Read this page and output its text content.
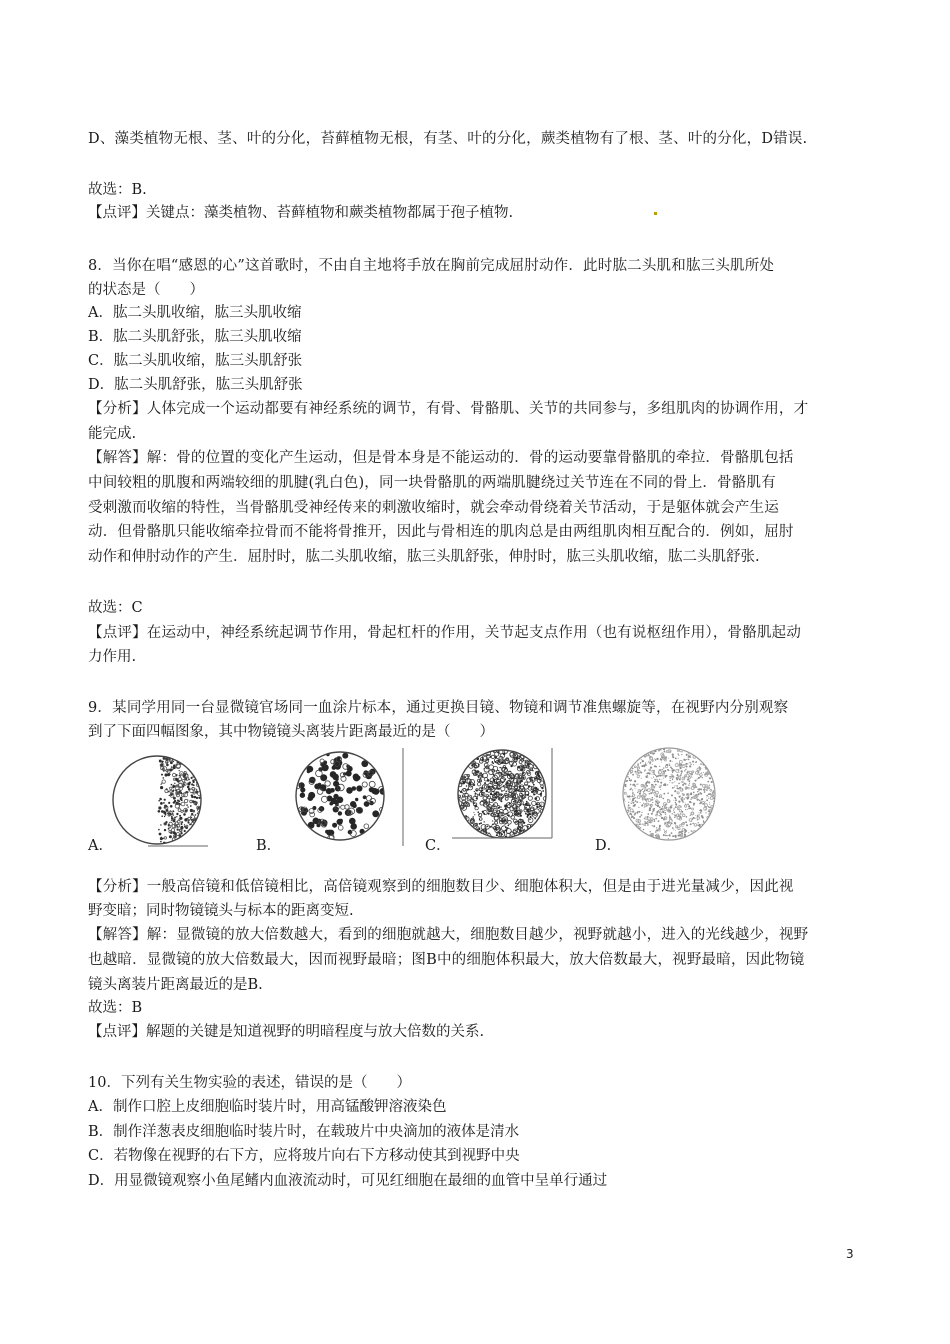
D、藻类植物无根、茎、叶的分化，苔藓植物无根，有茎、叶的分化，蕨类植物有了根、茎、叶的分化，D错误.
故选：B.
【点评】关键点：藻类植物、苔藓植物和蕨类植物都属于孢子植物.
8．当你在唱“感恩的心”这首歌时，不由自主地将手放在胸前完成屈肘动作．此时肱二头肌和肱三头肌所处
的状态是（　　）
A．肱二头肌收缩，肱三头肌收缩
B．肱二头肌舒张，肱三头肌收缩
C．肱二头肌收缩，肱三头肌舒张
D．肱二头肌舒张，肱三头肌舒张
【分析】人体完成一个运动都要有神经系统的调节，有骨、骨骼肌、关节的共同参与，多组肌肉的协调作用，才
能完成.
【解答】解：骨的位置的变化产生运动，但是骨本身是不能运动的．骨的运动要靠骨骼肌的牵拉．骨骼肌包括
中间较粗的肌腹和两端较细的肌腱(乳白色)，同一块骨骼肌的两端肌腱绕过关节连在不同的骨上．骨骼肌有
受刺激而收缩的特性，当骨骼肌受神经传来的刺激收缩时，就会牵动骨绕着关节活动，于是躯体就会产生运
动．但骨骼肌只能收缩牵拉骨而不能将骨推开，因此与骨相连的肌肉总是由两组肌肉相互配合的．例如，屈肘
动作和伸肘动作的产生．屈肘时，肱二头肌收缩，肱三头肌舒张，伸肘时，肱三头肌收缩，肱二头肌舒张.
故选：C
【点评】在运动中，神经系统起调节作用，骨起杠杆的作用，关节起支点作用（也有说枢纽作用），骨骼肌起动
力作用.
9．某同学用同一台显微镜官场同一血涂片标本，通过更换目镜、物镜和调节准焦螺旋等，在视野内分别观察
到了下面四幅图象，其中物镜镜头离装片距离最近的是（　　）
A．	B．	C．	D．
【分析】一般高倍镜和低倍镜相比，高倍镜观察到的细胞数目少、细胞体积大，但是由于进光量减少，因此视
野变暗；同时物镜镜头与标本的距离变短.
【解答】解：显微镜的放大倍数越大，看到的细胞就越大，细胞数目越少，视野就越小，进入的光线越少，视野
也越暗．显微镜的放大倍数最大，因而视野最暗；图B中的细胞体积最大，放大倍数最大，视野最暗，因此物镜
镜头离装片距离最近的是B.
故选：B
【点评】解题的关键是知道视野的明暗程度与放大倍数的关系.
10．下列有关生物实验的表述，错误的是（　　）
A．制作口腔上皮细胞临时装片时，用高锰酸钾溶液染色
B．制作洋葱表皮细胞临时装片时，在载玻片中央滴加的液体是清水
C．若物像在视野的右下方，应将玻片向右下方移动使其到视野中央
D．用显微镜观察小鱼尾鳍内血液流动时，可见红细胞在最细的血管中呈单行通过
3
